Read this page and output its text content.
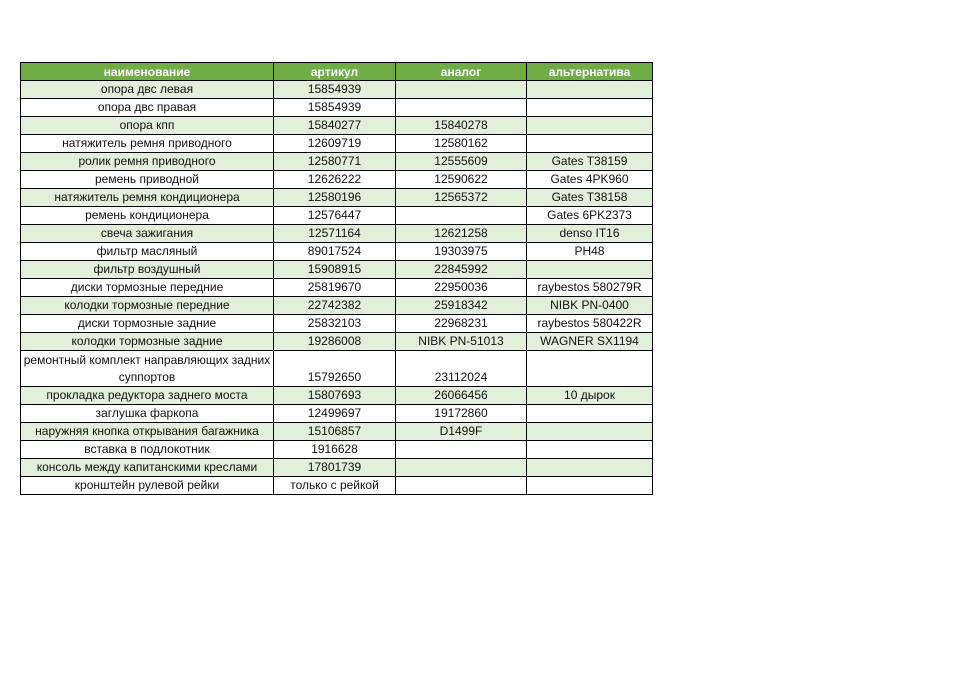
наименование	артикул	аналог	альтернатива
опора двс левая	15854939		
опора двс правая	15854939		
опора кпп	15840277	15840278	
натяжитель ремня приводного	12609719	12580162	
ролик ремня приводного	12580771	12555609	Gates T38159
ремень приводной	12626222	12590622	Gates 4PK960
натяжитель ремня кондиционера	12580196	12565372	Gates T38158
ремень кондиционера	12576447		Gates 6PK2373
свеча зажигания	12571164	12621258	denso IT16
фильтр масляный	89017524	19303975	PH48
фильтр воздушный	15908915	22845992	
диски тормозные передние	25819670	22950036	raybestos 580279R
колодки тормозные передние	22742382	25918342	NIBK PN-0400
диски тормозные задние	25832103	22968231	raybestos 580422R
колодки тормозные задние	19286008	NIBK PN-51013	WAGNER SX1194
ремонтный комплект направляющих задних суппортов	15792650	23112024	
прокладка редуктора заднего моста	15807693	26066456	10 дырок
заглушка фаркопа	12499697	19172860	
наружняя кнопка открывания багажника	15106857	D1499F	
вставка в подлокотник	1916628		
консоль между капитанскими креслами	17801739		
кронштейн рулевой рейки	только с рейкой		
